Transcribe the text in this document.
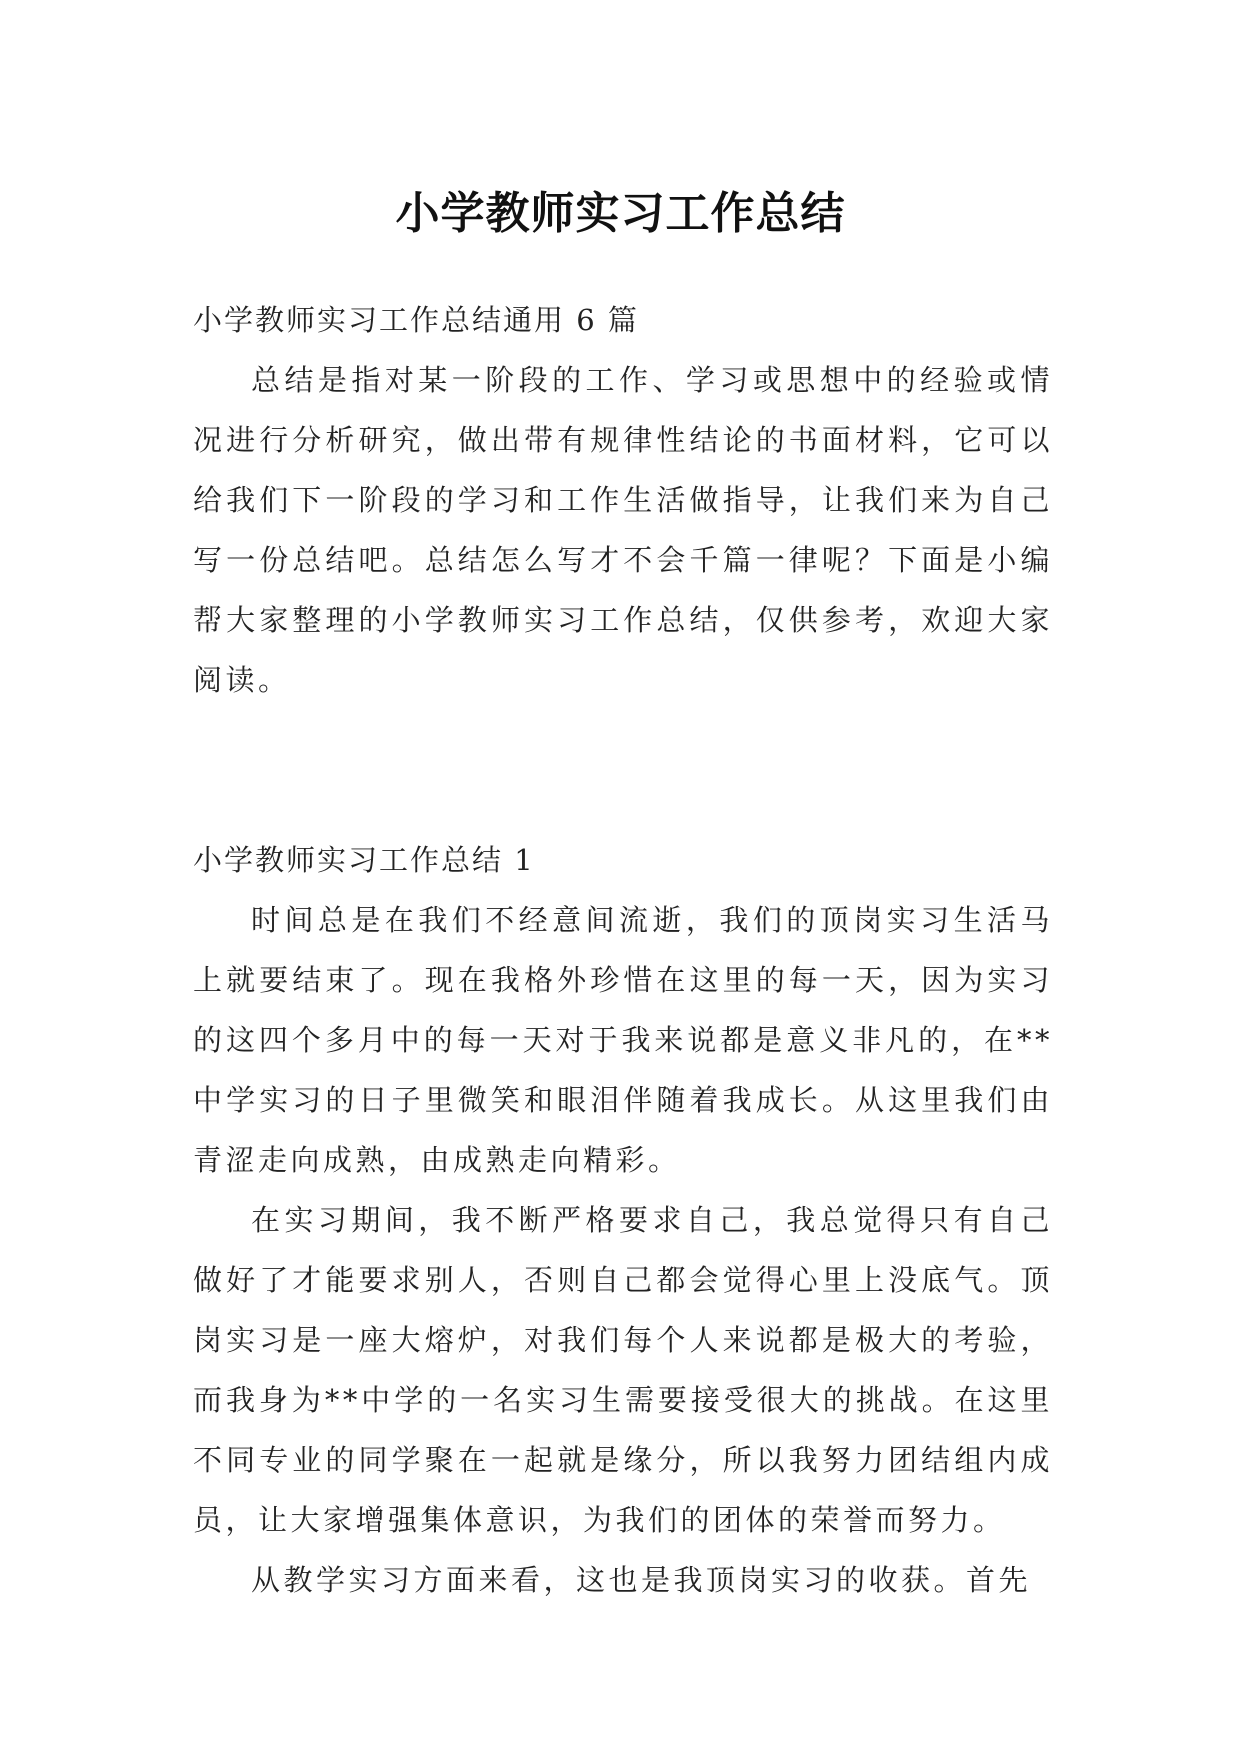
小学教师实习工作总结

小学教师实习工作总结通用 6 篇

总结是指对某一阶段的工作、学习或思想中的经验或情况进行分析研究，做出带有规律性结论的书面材料，它可以给我们下一阶段的学习和工作生活做指导，让我们来为自己写一份总结吧。总结怎么写才不会千篇一律呢？下面是小编帮大家整理的小学教师实习工作总结，仅供参考，欢迎大家阅读。

小学教师实习工作总结 1

时间总是在我们不经意间流逝，我们的顶岗实习生活马上就要结束了。现在我格外珍惜在这里的每一天，因为实习的这四个多月中的每一天对于我来说都是意义非凡的，在**中学实习的日子里微笑和眼泪伴随着我成长。从这里我们由青涩走向成熟，由成熟走向精彩。

在实习期间，我不断严格要求自己，我总觉得只有自己做好了才能要求别人，否则自己都会觉得心里上没底气。顶岗实习是一座大熔炉，对我们每个人来说都是极大的考验，而我身为**中学的一名实习生需要接受很大的挑战。在这里不同专业的同学聚在一起就是缘分，所以我努力团结组内成员，让大家增强集体意识，为我们的团体的荣誉而努力。

从教学实习方面来看，这也是我顶岗实习的收获。首先
